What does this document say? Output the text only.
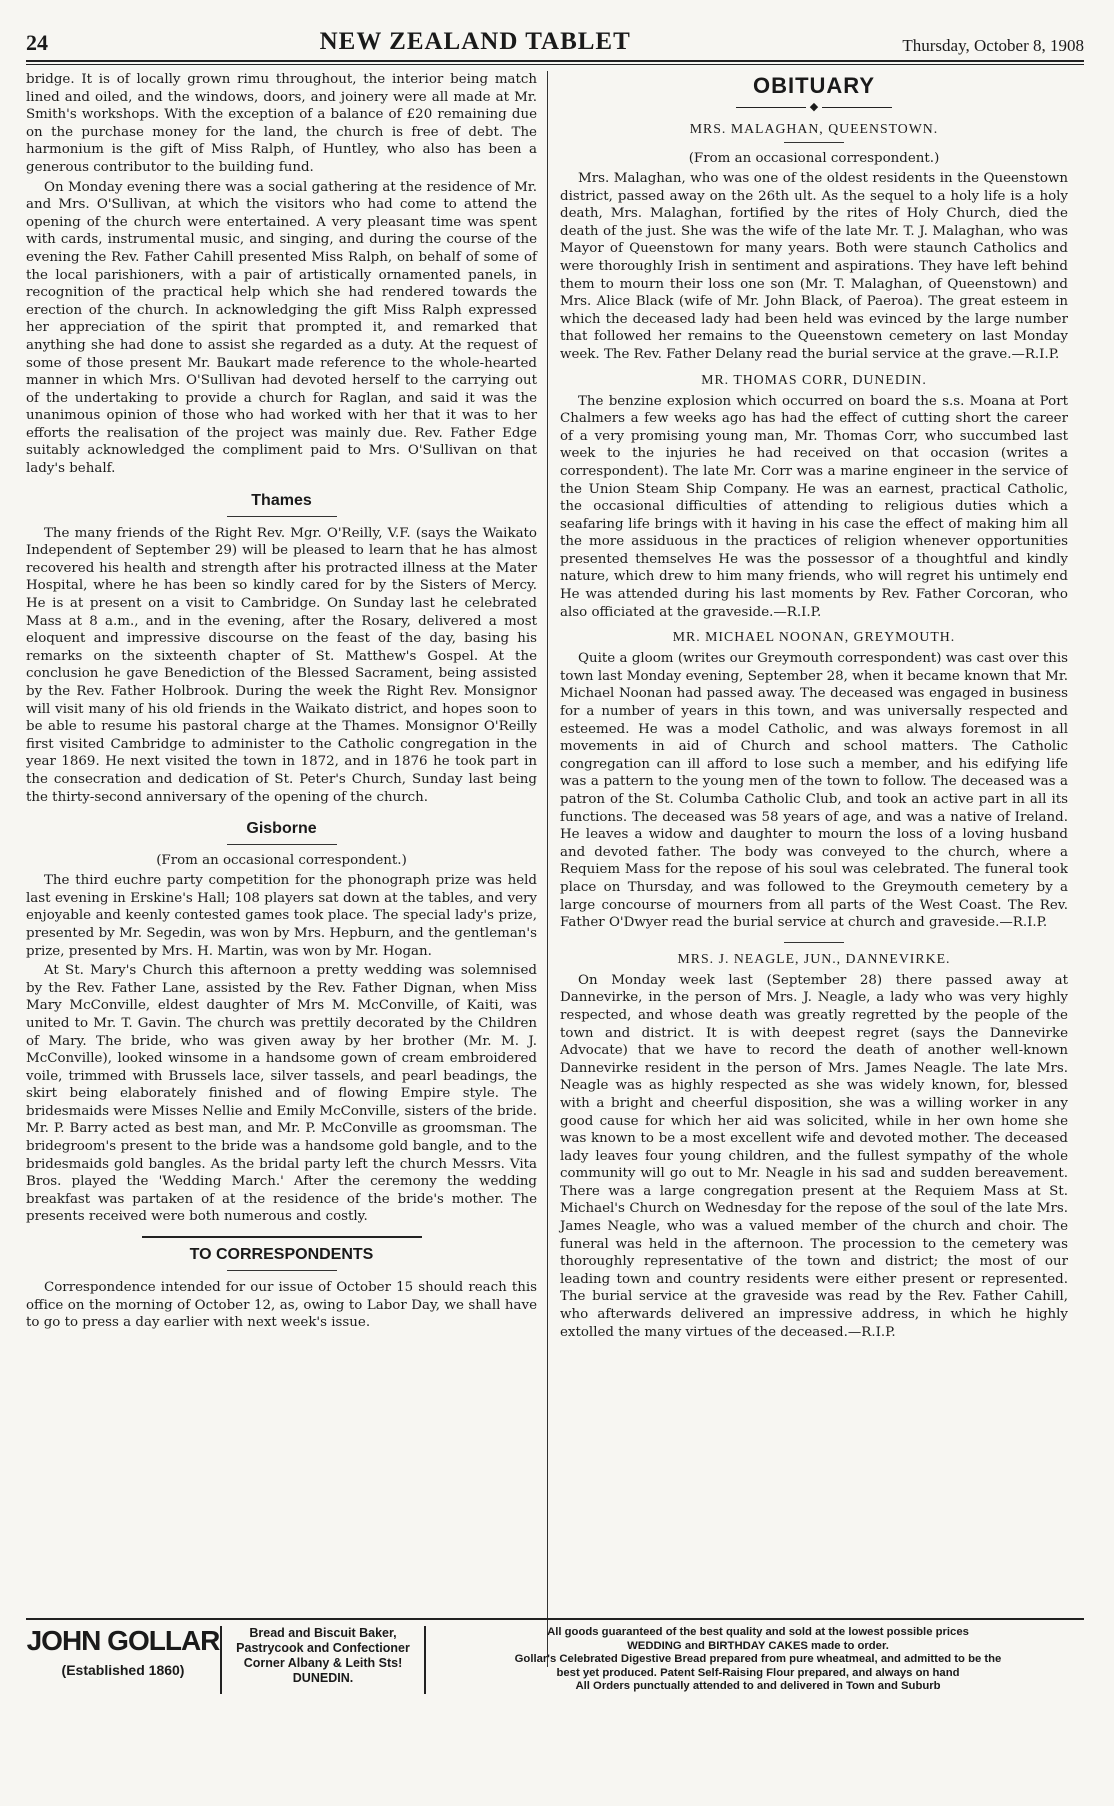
24	NEW ZEALAND TABLET	Thursday, October 8, 1908

bridge. It is of locally grown rimu throughout, the interior being match lined and oiled, and the windows, doors, and joinery were all made at Mr. Smith's workshops. With the exception of a balance of £20 remaining due on the purchase money for the land, the church is free of debt. The harmonium is the gift of Miss Ralph, of Huntley, who also has been a generous contributor to the building fund.

On Monday evening there was a social gathering at the residence of Mr. and Mrs. O'Sullivan, at which the visitors who had come to attend the opening of the church were entertained. A very pleasant time was spent with cards, instrumental music, and singing, and during the course of the evening the Rev. Father Cahill presented Miss Ralph, on behalf of some of the local parishioners, with a pair of artistically ornamented panels, in recognition of the practical help which she had rendered towards the erection of the church. In acknowledging the gift Miss Ralph expressed her appreciation of the spirit that prompted it, and remarked that anything she had done to assist she regarded as a duty. At the request of some of those present Mr. Baukart made reference to the whole-hearted manner in which Mrs. O'Sullivan had devoted herself to the carrying out of the undertaking to provide a church for Raglan, and said it was the unanimous opinion of those who had worked with her that it was to her efforts the realisation of the project was mainly due. Rev. Father Edge suitably acknowledged the compliment paid to Mrs. O'Sullivan on that lady's behalf.

Thames

The many friends of the Right Rev. Mgr. O'Reilly, V.F. (says the Waikato Independent of September 29) will be pleased to learn that he has almost recovered his health and strength after his protracted illness at the Mater Hospital, where he has been so kindly cared for by the Sisters of Mercy. He is at present on a visit to Cambridge. On Sunday last he celebrated Mass at 8 a.m., and in the evening, after the Rosary, delivered a most eloquent and impressive discourse on the feast of the day, basing his remarks on the sixteenth chapter of St. Matthew's Gospel. At the conclusion he gave Benediction of the Blessed Sacrament, being assisted by the Rev. Father Holbrook. During the week the Right Rev. Monsignor will visit many of his old friends in the Waikato district, and hopes soon to be able to resume his pastoral charge at the Thames. Monsignor O'Reilly first visited Cambridge to administer to the Catholic congregation in the year 1869. He next visited the town in 1872, and in 1876 he took part in the consecration and dedication of St. Peter's Church, Sunday last being the thirty-second anniversary of the opening of the church.

Gisborne
(From an occasional correspondent.)

The third euchre party competition for the phonograph prize was held last evening in Erskine's Hall; 108 players sat down at the tables, and very enjoyable and keenly contested games took place. The special lady's prize, presented by Mr. Segedin, was won by Mrs. Hepburn, and the gentleman's prize, presented by Mrs. H. Martin, was won by Mr. Hogan.

At St. Mary's Church this afternoon a pretty wedding was solemnised by the Rev. Father Lane, assisted by the Rev. Father Dignan, when Miss Mary McConville, eldest daughter of Mrs M. McConville, of Kaiti, was united to Mr. T. Gavin. The church was prettily decorated by the Children of Mary. The bride, who was given away by her brother (Mr. M. J. McConville), looked winsome in a handsome gown of cream embroidered voile, trimmed with Brussels lace, silver tassels, and pearl beadings, the skirt being elaborately finished and of flowing Empire style. The bridesmaids were Misses Nellie and Emily McConville, sisters of the bride. Mr. P. Barry acted as best man, and Mr. P. McConville as groomsman. The bridegroom's present to the bride was a handsome gold bangle, and to the bridesmaids gold bangles. As the bridal party left the church Messrs. Vita Bros. played the 'Wedding March.' After the ceremony the wedding breakfast was partaken of at the residence of the bride's mother. The presents received were both numerous and costly.

TO CORRESPONDENTS

Correspondence intended for our issue of October 15 should reach this office on the morning of October 12, as, owing to Labor Day, we shall have to go to press a day earlier with next week's issue.

OBITUARY
◆
MRS. MALAGHAN, QUEENSTOWN.
(From an occasional correspondent.)

Mrs. Malaghan, who was one of the oldest residents in the Queenstown district, passed away on the 26th ult. As the sequel to a holy life is a holy death, Mrs. Malaghan, fortified by the rites of Holy Church, died the death of the just. She was the wife of the late Mr. T. J. Malaghan, who was Mayor of Queenstown for many years. Both were staunch Catholics and were thoroughly Irish in sentiment and aspirations. They have left behind them to mourn their loss one son (Mr. T. Malaghan, of Queenstown) and Mrs. Alice Black (wife of Mr. John Black, of Paeroa). The great esteem in which the deceased lady had been held was evinced by the large number that followed her remains to the Queenstown cemetery on last Monday week. The Rev. Father Delany read the burial service at the grave.—R.I.P.

MR. THOMAS CORR, DUNEDIN.

The benzine explosion which occurred on board the s.s. Moana at Port Chalmers a few weeks ago has had the effect of cutting short the career of a very promising young man, Mr. Thomas Corr, who succumbed last week to the injuries he had received on that occasion (writes a correspondent). The late Mr. Corr was a marine engineer in the service of the Union Steam Ship Company. He was an earnest, practical Catholic, the occasional difficulties of attending to religious duties which a seafaring life brings with it having in his case the effect of making him all the more assiduous in the practices of religion whenever opportunities presented themselves He was the possessor of a thoughtful and kindly nature, which drew to him many friends, who will regret his untimely end He was attended during his last moments by Rev. Father Corcoran, who also officiated at the graveside.—R.I.P.

MR. MICHAEL NOONAN, GREYMOUTH.

Quite a gloom (writes our Greymouth correspondent) was cast over this town last Monday evening, September 28, when it became known that Mr. Michael Noonan had passed away. The deceased was engaged in business for a number of years in this town, and was universally respected and esteemed. He was a model Catholic, and was always foremost in all movements in aid of Church and school matters. The Catholic congregation can ill afford to lose such a member, and his edifying life was a pattern to the young men of the town to follow. The deceased was a patron of the St. Columba Catholic Club, and took an active part in all its functions. The deceased was 58 years of age, and was a native of Ireland. He leaves a widow and daughter to mourn the loss of a loving husband and devoted father. The body was conveyed to the church, where a Requiem Mass for the repose of his soul was celebrated. The funeral took place on Thursday, and was followed to the Greymouth cemetery by a large concourse of mourners from all parts of the West Coast. The Rev. Father O'Dwyer read the burial service at church and graveside.—R.I.P.

MRS. J. NEAGLE, JUN., DANNEVIRKE.

On Monday week last (September 28) there passed away at Dannevirke, in the person of Mrs. J. Neagle, a lady who was very highly respected, and whose death was greatly regretted by the people of the town and district. It is with deepest regret (says the Dannevirke Advocate) that we have to record the death of another well-known Dannevirke resident in the person of Mrs. James Neagle. The late Mrs. Neagle was as highly respected as she was widely known, for, blessed with a bright and cheerful disposition, she was a willing worker in any good cause for which her aid was solicited, while in her own home she was known to be a most excellent wife and devoted mother. The deceased lady leaves four young children, and the fullest sympathy of the whole community will go out to Mr. Neagle in his sad and sudden bereavement. There was a large congregation present at the Requiem Mass at St. Michael's Church on Wednesday for the repose of the soul of the late Mrs. James Neagle, who was a valued member of the church and choir. The funeral was held in the afternoon. The procession to the cemetery was thoroughly representative of the town and district; the most of our leading town and country residents were either present or represented. The burial service at the graveside was read by the Rev. Father Cahill, who afterwards delivered an impressive address, in which he highly extolled the many virtues of the deceased.—R.I.P.

JOHN GOLLAR
(Established 1860)
Bread and Biscuit Baker,
Pastrycook and Confectioner
Corner Albany & Leith Sts!
DUNEDIN.
All goods guaranteed of the best quality and sold at the lowest possible prices
WEDDING and BIRTHDAY CAKES made to order.
Gollar's Celebrated Digestive Bread prepared from pure wheatmeal, and admitted to be the
best yet produced. Patent Self-Raising Flour prepared, and always on hand
All Orders punctually attended to and delivered in Town and Suburb
